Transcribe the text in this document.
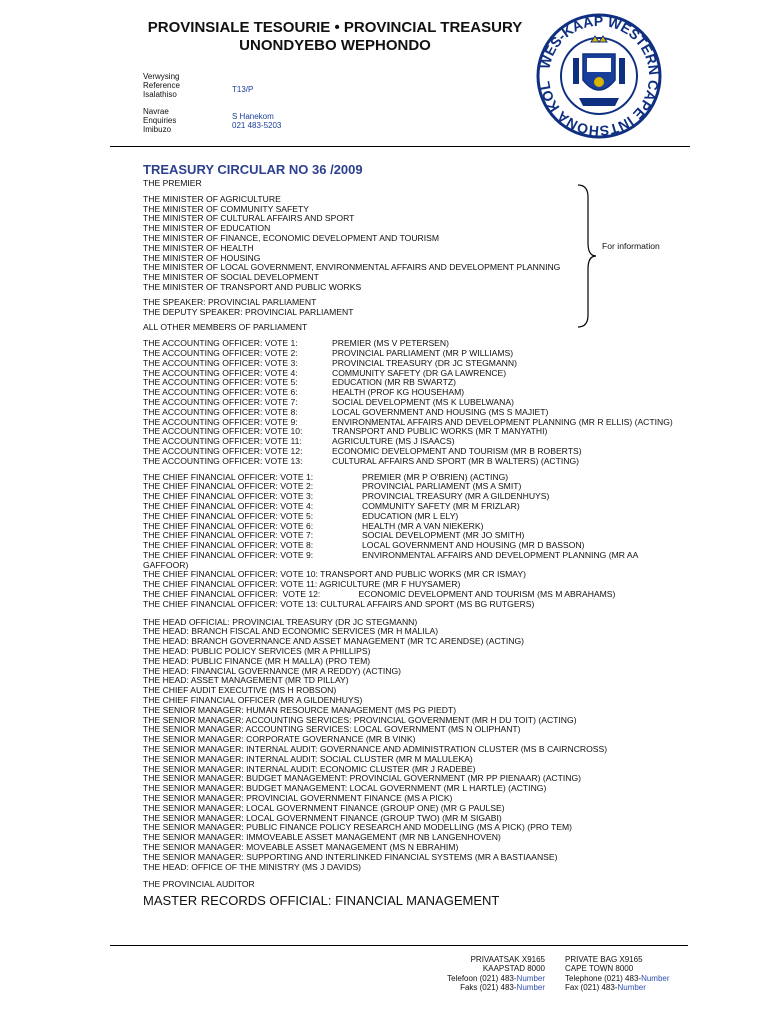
PROVINSIALE TESOURIE • PROVINCIAL TREASURY
UNONDYEBO WEPHONDO
WES-KAAP WESTERN CAPE INTSHONA KOL
Verwysing
Reference
Isalathiso
T13/P
Navrae
Enquiries
Imibuzo
S Hanekom
021 483-5203
TREASURY CIRCULAR NO 36 /2009
THE PREMIER
THE MINISTER OF AGRICULTURE
THE MINISTER OF COMMUNITY SAFETY
THE MINISTER OF CULTURAL AFFAIRS AND SPORT
THE MINISTER OF EDUCATION
THE MINISTER OF FINANCE, ECONOMIC DEVELOPMENT AND TOURISM
THE MINISTER OF HEALTH
THE MINISTER OF HOUSING
THE MINISTER OF LOCAL GOVERNMENT, ENVIRONMENTAL AFFAIRS AND DEVELOPMENT PLANNING
THE MINISTER OF SOCIAL DEVELOPMENT
THE MINISTER OF TRANSPORT AND PUBLIC WORKS
THE SPEAKER: PROVINCIAL PARLIAMENT
THE DEPUTY SPEAKER: PROVINCIAL PARLIAMENT
ALL OTHER MEMBERS OF PARLIAMENT
THE ACCOUNTING OFFICER: VOTE 1:	PREMIER (MS V PETERSEN)
THE ACCOUNTING OFFICER: VOTE 2:	PROVINCIAL PARLIAMENT (MR P WILLIAMS)
THE ACCOUNTING OFFICER: VOTE 3:	PROVINCIAL TREASURY (DR JC STEGMANN)
THE ACCOUNTING OFFICER: VOTE 4:	COMMUNITY SAFETY (DR GA LAWRENCE)
THE ACCOUNTING OFFICER: VOTE 5:	EDUCATION (MR RB SWARTZ)
THE ACCOUNTING OFFICER: VOTE 6:	HEALTH (PROF KG HOUSEHAM)
THE ACCOUNTING OFFICER: VOTE 7:	SOCIAL DEVELOPMENT (MS K LUBELWANA)
THE ACCOUNTING OFFICER: VOTE 8:	LOCAL GOVERNMENT AND HOUSING (MS S MAJIET)
THE ACCOUNTING OFFICER: VOTE 9:	ENVIRONMENTAL AFFAIRS AND DEVELOPMENT PLANNING (MR R ELLIS) (ACTING)
THE ACCOUNTING OFFICER: VOTE 10:	TRANSPORT AND PUBLIC WORKS (MR T MANYATHI)
THE ACCOUNTING OFFICER: VOTE 11:	AGRICULTURE (MS J ISAACS)
THE ACCOUNTING OFFICER: VOTE 12:	ECONOMIC DEVELOPMENT AND TOURISM (MR B ROBERTS)
THE ACCOUNTING OFFICER: VOTE 13:	CULTURAL AFFAIRS AND SPORT (MR B WALTERS) (ACTING)
THE CHIEF FINANCIAL OFFICER: VOTE 1:	PREMIER (MR P O'BRIEN) (ACTING)
THE CHIEF FINANCIAL OFFICER: VOTE 2:	PROVINCIAL PARLIAMENT (MS A SMIT)
THE CHIEF FINANCIAL OFFICER: VOTE 3:	PROVINCIAL TREASURY (MR A GILDENHUYS)
THE CHIEF FINANCIAL OFFICER: VOTE 4:	COMMUNITY SAFETY (MR M FRIZLAR)
THE CHIEF FINANCIAL OFFICER: VOTE 5:	EDUCATION (MR L ELY)
THE CHIEF FINANCIAL OFFICER: VOTE 6:	HEALTH (MR A VAN NIEKERK)
THE CHIEF FINANCIAL OFFICER: VOTE 7:	SOCIAL DEVELOPMENT (MR JO SMITH)
THE CHIEF FINANCIAL OFFICER: VOTE 8:	LOCAL GOVERNMENT AND HOUSING (MR D BASSON)
THE CHIEF FINANCIAL OFFICER: VOTE 9:	ENVIRONMENTAL AFFAIRS AND DEVELOPMENT PLANNING (MR AA
GAFFOOR)
THE CHIEF FINANCIAL OFFICER: VOTE 10: TRANSPORT AND PUBLIC WORKS (MR CR ISMAY)
THE CHIEF FINANCIAL OFFICER: VOTE 11: AGRICULTURE (MR F HUYSAMER)
THE CHIEF FINANCIAL OFFICER:  VOTE 12:                ECONOMIC DEVELOPMENT AND TOURISM (MS M ABRAHAMS)
THE CHIEF FINANCIAL OFFICER: VOTE 13: CULTURAL AFFAIRS AND SPORT (MS BG RUTGERS)
THE HEAD OFFICIAL: PROVINCIAL TREASURY (DR JC STEGMANN)
THE HEAD: BRANCH FISCAL AND ECONOMIC SERVICES (MR H MALILA)
THE HEAD: BRANCH GOVERNANCE AND ASSET MANAGEMENT (MR TC ARENDSE) (ACTING)
THE HEAD: PUBLIC POLICY SERVICES (MR A PHILLIPS)
THE HEAD: PUBLIC FINANCE (MR H MALLA) (PRO TEM)
THE HEAD: FINANCIAL GOVERNANCE (MR A REDDY) (ACTING)
THE HEAD: ASSET MANAGEMENT (MR TD PILLAY)
THE CHIEF AUDIT EXECUTIVE (MS H ROBSON)
THE CHIEF FINANCIAL OFFICER (MR A GILDENHUYS)
THE SENIOR MANAGER: HUMAN RESOURCE MANAGEMENT (MS PG PIEDT)
THE SENIOR MANAGER: ACCOUNTING SERVICES: PROVINCIAL GOVERNMENT (MR H DU TOIT) (ACTING)
THE SENIOR MANAGER: ACCOUNTING SERVICES: LOCAL GOVERNMENT (MS N OLIPHANT)
THE SENIOR MANAGER: CORPORATE GOVERNANCE (MR B VINK)
THE SENIOR MANAGER: INTERNAL AUDIT: GOVERNANCE AND ADMINISTRATION CLUSTER (MS B CAIRNCROSS)
THE SENIOR MANAGER: INTERNAL AUDIT: SOCIAL CLUSTER (MR M MALULEKA)
THE SENIOR MANAGER: INTERNAL AUDIT: ECONOMIC CLUSTER (MR J RADEBE)
THE SENIOR MANAGER: BUDGET MANAGEMENT: PROVINCIAL GOVERNMENT (MR PP PIENAAR) (ACTING)
THE SENIOR MANAGER: BUDGET MANAGEMENT: LOCAL GOVERNMENT (MR L HARTLE) (ACTING)
THE SENIOR MANAGER: PROVINCIAL GOVERNMENT FINANCE (MS A PICK)
THE SENIOR MANAGER: LOCAL GOVERNMENT FINANCE (GROUP ONE) (MR G PAULSE)
THE SENIOR MANAGER: LOCAL GOVERNMENT FINANCE (GROUP TWO) (MR M SIGABI)
THE SENIOR MANAGER: PUBLIC FINANCE POLICY RESEARCH AND MODELLING (MS A PICK) (PRO TEM)
THE SENIOR MANAGER: IMMOVEABLE ASSET MANAGEMENT (MR NB LANGENHOVEN)
THE SENIOR MANAGER: MOVEABLE ASSET MANAGEMENT (MS N EBRAHIM)
THE SENIOR MANAGER: SUPPORTING AND INTERLINKED FINANCIAL SYSTEMS (MR A BASTIAANSE)
THE HEAD: OFFICE OF THE MINISTRY (MS J DAVIDS)
THE PROVINCIAL AUDITOR
MASTER RECORDS OFFICIAL: FINANCIAL MANAGEMENT
For information
PRIVAATSAK X9165
KAAPSTAD 8000
Telefoon (021) 483-Number
Faks (021) 483-Number
PRIVATE BAG X9165
CAPE TOWN 8000
Telephone (021) 483-Number
Fax (021) 483-Number
